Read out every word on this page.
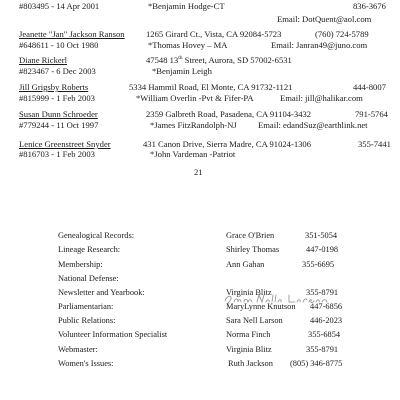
#803495 - 14 Apr 2001	*Benjamin Hodge-CT	836-3676
Email: DotQuent@aol.com
Jeanette "Jan" Jackson Ranson 1265 Girard Ct., Vista, CA 92084-5723	(760) 724-5789
#648611 - 10 Oct 1980	*Thomas Hovey – MA	Email: Janran49@juno.com
Diane Rickerl	47548 13th Street, Aurora, SD 57002-6531
#823467 - 6 Dec 2003	*Benjamin Leigh
Jill Grigsby Roberts	5334 Hammil Road, El Monte, CA 91732-1121	444-8007
#815999 - 1 Feb 2003	*William Overlin -Pvt & Fifer-PA	Email: jill@halikar.com
Susan Dunn Schroeder	2359 Galbreth Road, Pasadena, CA 91104-3432	791-5764
#779244 - 11 Oct 1997	*James FitzRandolph-NJ Email: edandSuz@earthlink.net
Lenice Greenstreet Snyder	431 Canon Drive, Sierra Madre, CA 91024-1306	355-7441
#816703 - 1 Feb 2003	*John Vardeman -Patriot
21
Genealogical Records:	Grace O'Brien	351-5054
Lineage Research:	Shirley Thomas	447-0198
Membership:	Ann Gahan	355-6695
National Defense:
Newsletter and Yearbook:	Virginia Blitz	355-8791
Parliamentarian:	MaryLynne Knutson 447-6856
Public Relations:	Sara Nell Larson	446-2023
Volunteer Information Specialist	Norma Finch	355-6854
Webmaster:	Virginia Blitz	355-8791
Women's Issues:	Ruth Jackson (805) 346-8775
